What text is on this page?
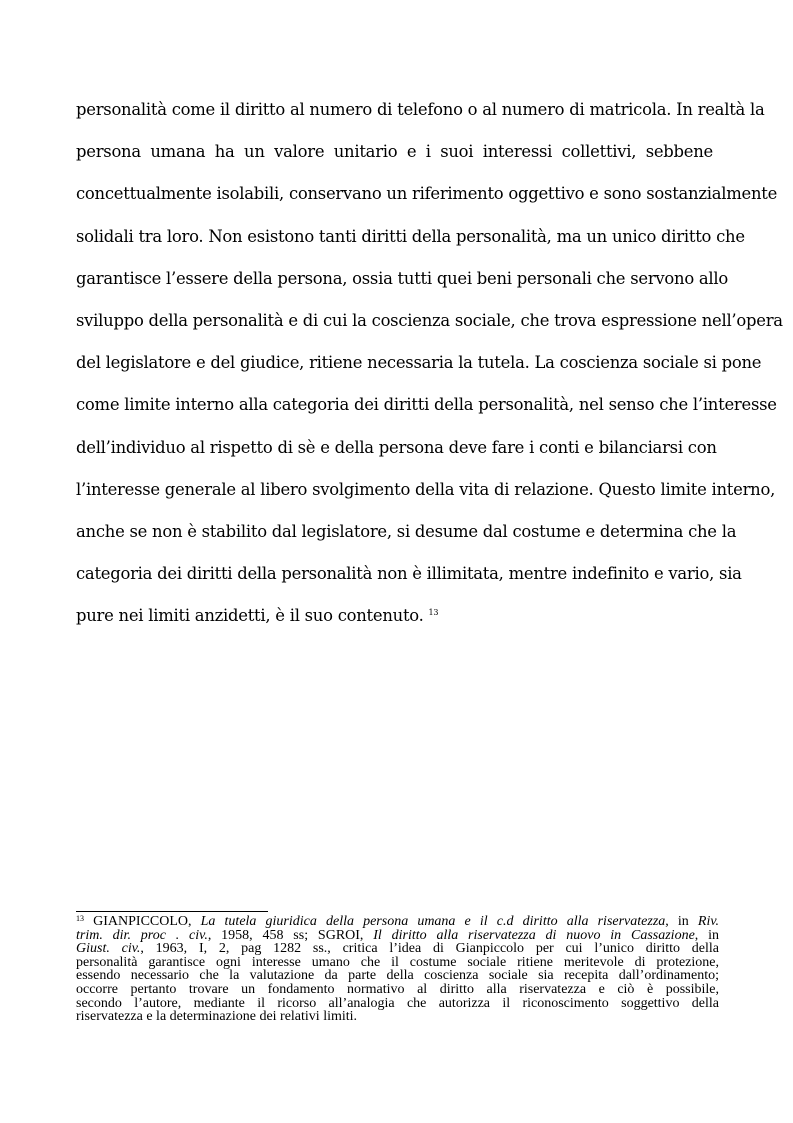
personalità come il diritto al numero di telefono o al numero di matricola. In realtà la
persona umana ha un valore unitario e i suoi interessi collettivi, sebbene
concettualmente isolabili, conservano un riferimento oggettivo e sono sostanzialmente
solidali tra loro. Non esistono tanti diritti della personalità, ma un unico diritto che
garantisce l’essere della persona, ossia tutti quei beni personali che servono allo
sviluppo della personalità e di cui la coscienza sociale, che trova espressione nell’opera
del legislatore e del giudice, ritiene necessaria la tutela. La coscienza sociale si pone
come limite interno alla categoria dei diritti della personalità, nel senso che l’interesse
dell’individuo al rispetto di sè e della persona deve fare i conti e bilanciarsi con
l’interesse generale al libero svolgimento della vita di relazione. Questo limite interno,
anche se non è stabilito dal legislatore, si desume dal costume e determina che la
categoria dei diritti della personalità non è illimitata, mentre indefinito e vario, sia
pure nei limiti anzidetti, è il suo contenuto. $^{13}$
$^{13}$ GIANPICCOLO, La tutela giuridica della persona umana e il c.d diritto alla riservatezza, in Riv.
trim. dir. proc . civ., 1958, 458 ss; SGROI, Il diritto alla riservatezza di nuovo in Cassazione, in
Giust. civ., 1963, I, 2, pag 1282 ss., critica l’idea di Gianpiccolo per cui l’unico diritto della
personalità garantisce ogni interesse umano che il costume sociale ritiene meritevole di protezione,
essendo necessario che la valutazione da parte della coscienza sociale sia recepita dall’ordinamento;
occorre pertanto trovare un fondamento normativo al diritto alla riservatezza e ciò è possibile,
secondo l’autore, mediante il ricorso all’analogia che autorizza il riconoscimento soggettivo della
riservatezza e la determinazione dei relativi limiti.
